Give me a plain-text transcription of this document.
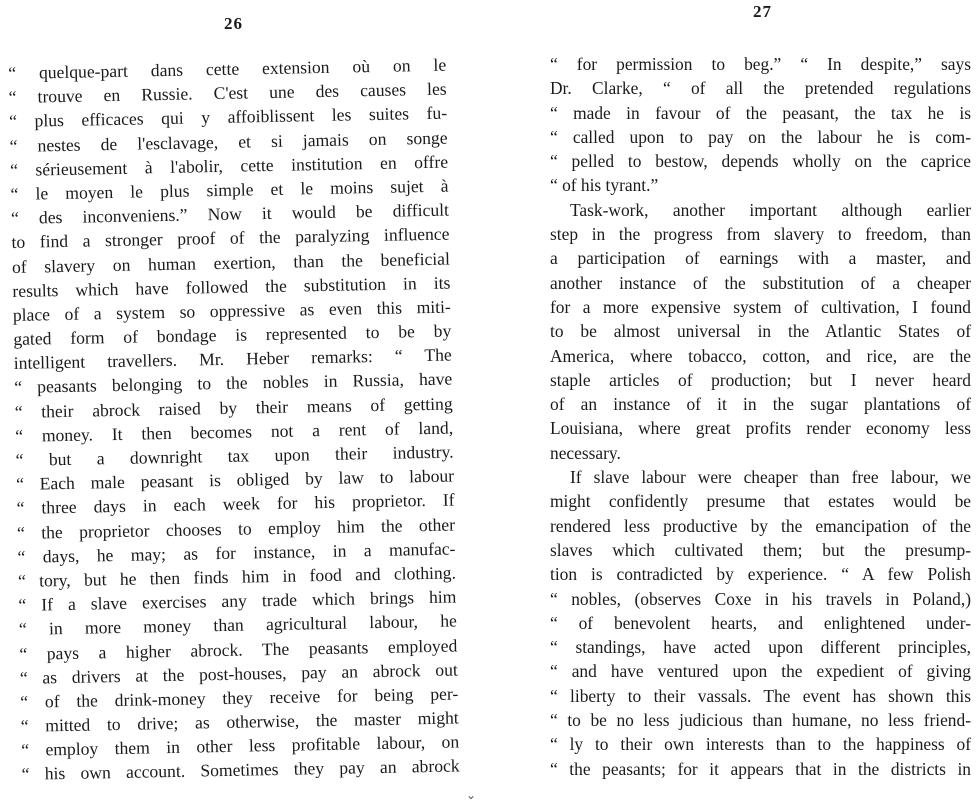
26
“ quelque-part dans cette extension où on le
“ trouve en Russie. C'est une des causes les
“ plus efficaces qui y affoiblissent les suites fu-
“ nestes de l'esclavage, et si jamais on songe
“ sérieusement à l'abolir, cette institution en offre
“ le moyen le plus simple et le moins sujet à
“ des inconveniens.” Now it would be difficult
to find a stronger proof of the paralyzing influence
of slavery on human exertion, than the beneficial
results which have followed the substitution in its
place of a system so oppressive as even this miti-
gated form of bondage is represented to be by
intelligent travellers. Mr. Heber remarks: “ The
“ peasants belonging to the nobles in Russia, have
“ their abrock raised by their means of getting
“ money. It then becomes not a rent of land,
“ but a downright tax upon their industry.
“ Each male peasant is obliged by law to labour
“ three days in each week for his proprietor. If
“ the proprietor chooses to employ him the other
“ days, he may; as for instance, in a manufac-
“ tory, but he then finds him in food and clothing.
“ If a slave exercises any trade which brings him
“ in more money than agricultural labour, he
“ pays a higher abrock. The peasants employed
“ as drivers at the post-houses, pay an abrock out
“ of the drink-money they receive for being per-
“ mitted to drive; as otherwise, the master might
“ employ them in other less profitable labour, on
“ his own account. Sometimes they pay an abrock
⌄
27
“ for permission to beg.” “ In despite,” says
Dr. Clarke, “ of all the pretended regulations
“ made in favour of the peasant, the tax he is
“ called upon to pay on the labour he is com-
“ pelled to bestow, depends wholly on the caprice
“ of his tyrant.”
Task-work, another important although earlier
step in the progress from slavery to freedom, than
a participation of earnings with a master, and
another instance of the substitution of a cheaper
for a more expensive system of cultivation, I found
to be almost universal in the Atlantic States of
America, where tobacco, cotton, and rice, are the
staple articles of production; but I never heard
of an instance of it in the sugar plantations of
Louisiana, where great profits render economy less
necessary.
If slave labour were cheaper than free labour, we
might confidently presume that estates would be
rendered less productive by the emancipation of the
slaves which cultivated them; but the presump-
tion is contradicted by experience. “ A few Polish
“ nobles, (observes Coxe in his travels in Poland,)
“ of benevolent hearts, and enlightened under-
“ standings, have acted upon different principles,
“ and have ventured upon the expedient of giving
“ liberty to their vassals. The event has shown this
“ to be no less judicious than humane, no less friend-
“ ly to their own interests than to the happiness of
“ the peasants; for it appears that in the districts in
